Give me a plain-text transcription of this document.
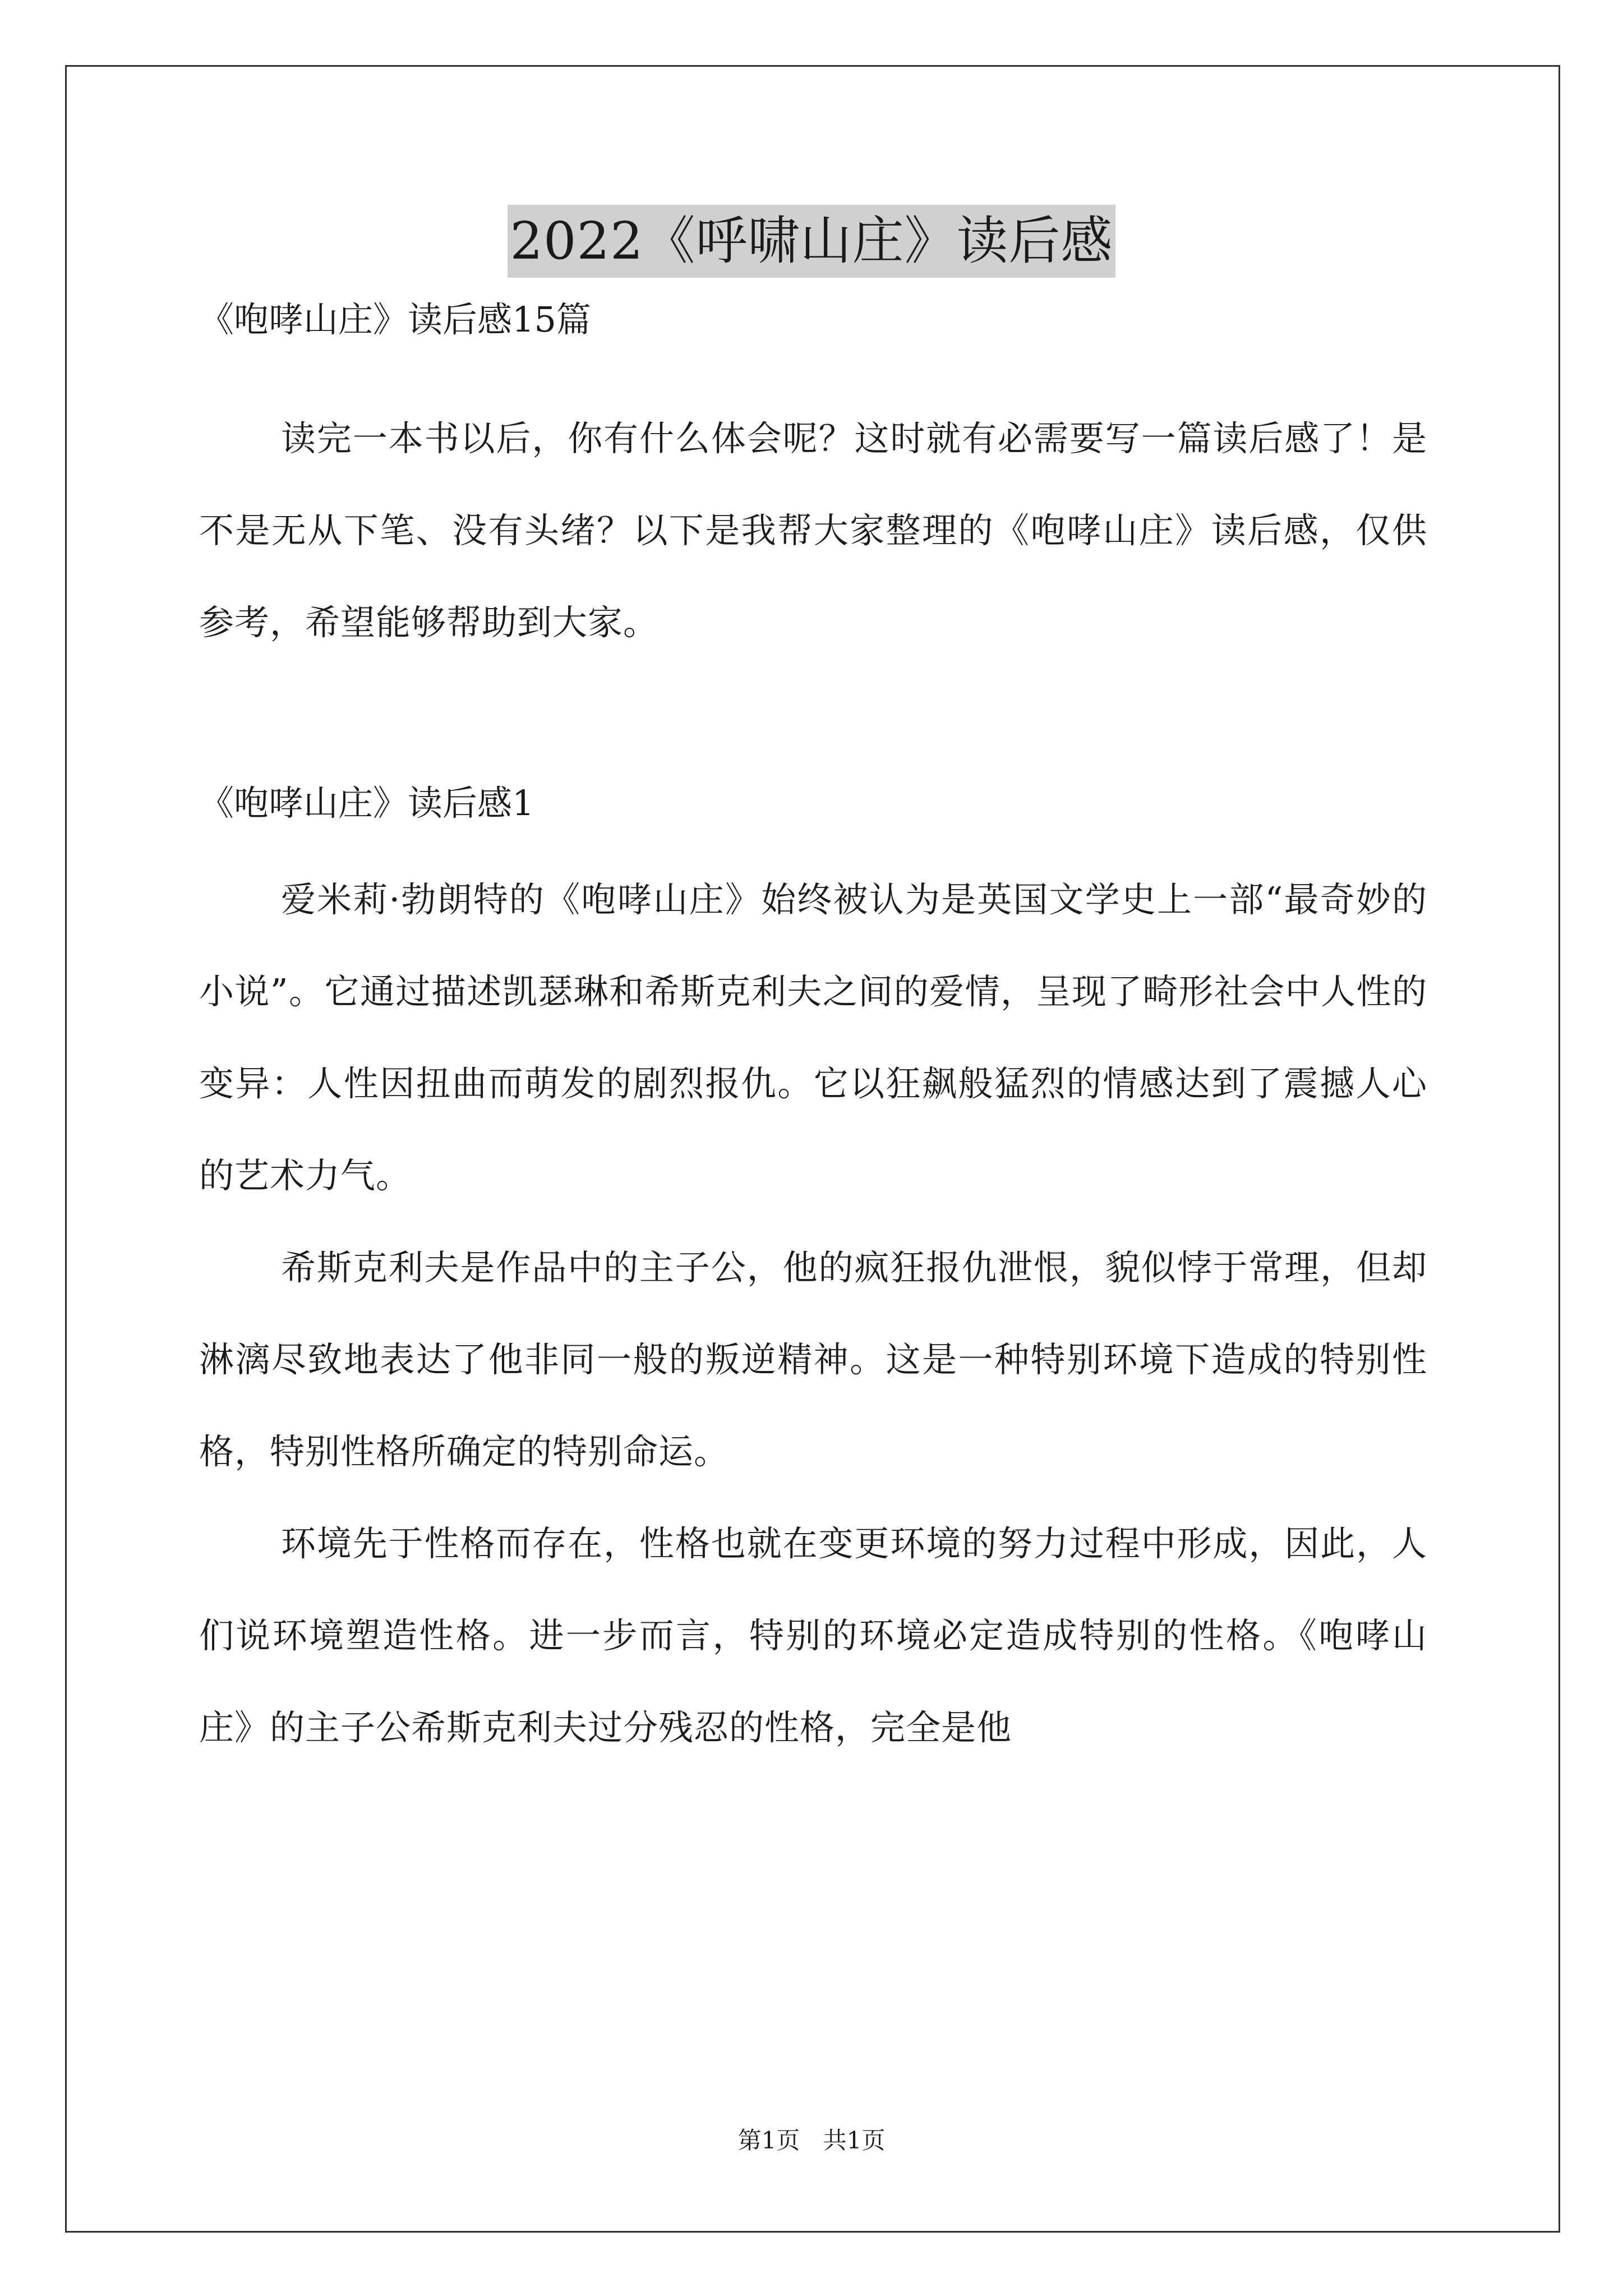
2022《呼啸山庄》读后感

《咆哮山庄》读后感15篇

读完一本书以后，你有什么体会呢？这时就有必需要写一篇读后感了！是不是无从下笔、没有头绪？以下是我帮大家整理的《咆哮山庄》读后感，仅供参考，希望能够帮助到大家。

《咆哮山庄》读后感1

爱米莉·勃朗特的《咆哮山庄》始终被认为是英国文学史上一部“最奇妙的小说”。它通过描述凯瑟琳和希斯克利夫之间的爱情，呈现了畸形社会中人性的变异：人性因扭曲而萌发的剧烈报仇。它以狂飙般猛烈的情感达到了震撼人心的艺术力气。

希斯克利夫是作品中的主子公，他的疯狂报仇泄恨，貌似悖于常理，但却淋漓尽致地表达了他非同一般的叛逆精神。这是一种特别环境下造成的特别性格，特别性格所确定的特别命运。

环境先于性格而存在，性格也就在变更环境的努力过程中形成，因此，人们说环境塑造性格。进一步而言，特别的环境必定造成特别的性格。《咆哮山庄》的主子公希斯克利夫过分残忍的性格，完全是他

第1页 共1页
